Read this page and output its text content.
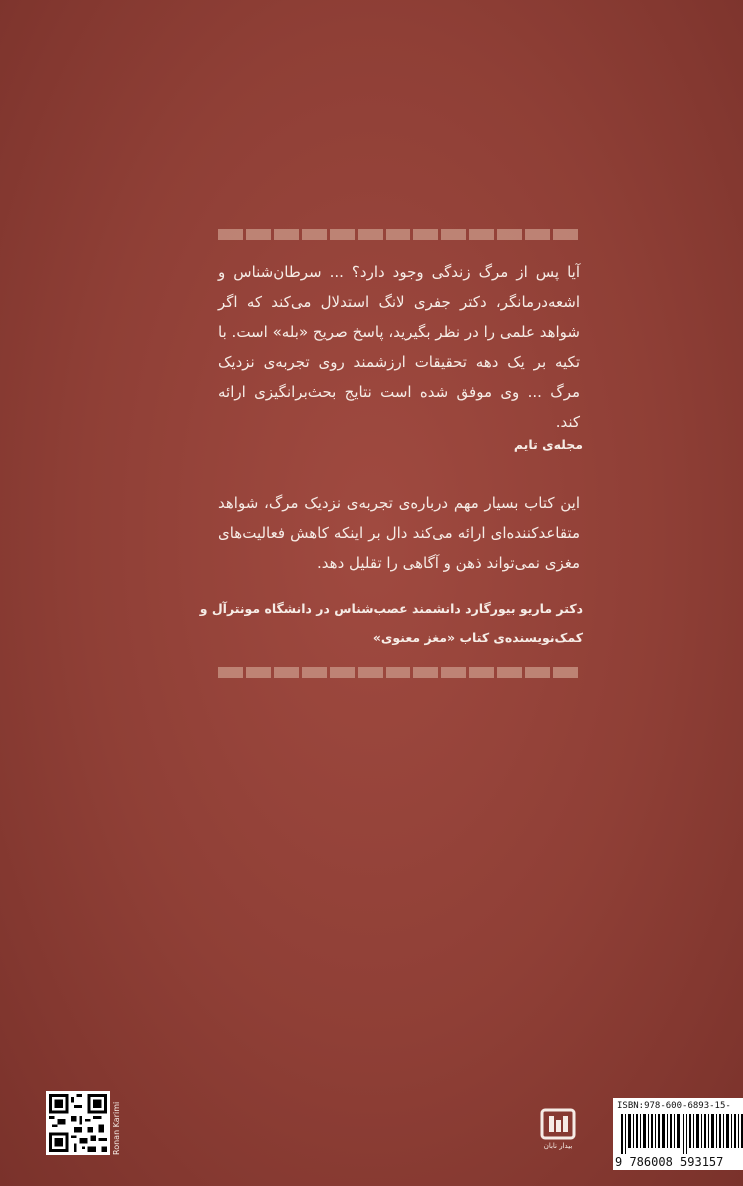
آیا پس از مرگ زندگی وجود دارد؟ ... سرطان‌شناس و اشعه‌درمانگر، دکتر جفری لانگ استدلال می‌کند که اگر شواهد علمی را در نظر بگیرید، پاسخ صریح «بله» است. با تکیه بر یک دهه تحقیقات ارزشمند روی تجربه‌ی نزدیک مرگ ... وی موفق شده است نتایج بحث‌برانگیزی ارائه کند.
مجله‌ی تایم
این کتاب بسیار مهم درباره‌ی تجربه‌ی نزدیک مرگ، شواهد متقاعدکننده‌ای ارائه می‌کند دال بر اینکه کاهش فعالیت‌های مغزی نمی‌تواند ذهن و آگاهی را تقلیل دهد.
دکتر ماریو بیورگارد دانشمند عصب‌شناس در دانشگاه مونترآل و
کمک‌نویسنده‌ی کتاب «مغز معنوی»
Ronan Karimi	بیدار نابان
ISBN:978-600-6893-15-
9 786008 593157
